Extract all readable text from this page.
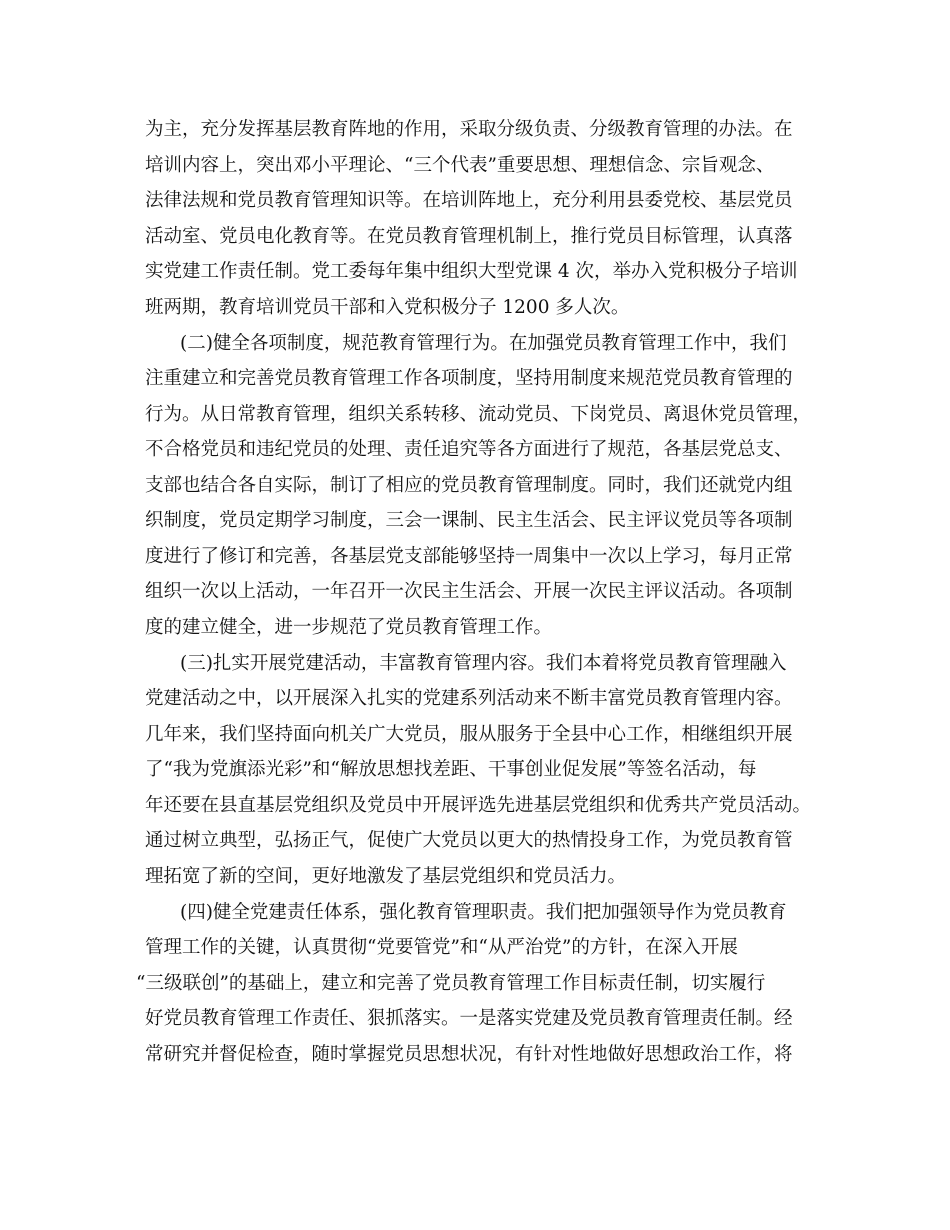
为主，充分发挥基层教育阵地的作用，采取分级负责、分级教育管理的办法。在
培训内容上，突出邓小平理论、“三个代表”重要思想、理想信念、宗旨观念、
法律法规和党员教育管理知识等。在培训阵地上，充分利用县委党校、基层党员
活动室、党员电化教育等。在党员教育管理机制上，推行党员目标管理，认真落
实党建工作责任制。党工委每年集中组织大型党课 4 次，举办入党积极分子培训
班两期，教育培训党员干部和入党积极分子 1200 多人次。
(二)健全各项制度，规范教育管理行为。在加强党员教育管理工作中，我们
注重建立和完善党员教育管理工作各项制度，坚持用制度来规范党员教育管理的
行为。从日常教育管理，组织关系转移、流动党员、下岗党员、离退休党员管理，
不合格党员和违纪党员的处理、责任追究等各方面进行了规范，各基层党总支、
支部也结合各自实际，制订了相应的党员教育管理制度。同时，我们还就党内组
织制度，党员定期学习制度，三会一课制、民主生活会、民主评议党员等各项制
度进行了修订和完善，各基层党支部能够坚持一周集中一次以上学习，每月正常
组织一次以上活动，一年召开一次民主生活会、开展一次民主评议活动。各项制
度的建立健全，进一步规范了党员教育管理工作。
(三)扎实开展党建活动，丰富教育管理内容。我们本着将党员教育管理融入
党建活动之中，以开展深入扎实的党建系列活动来不断丰富党员教育管理内容。
几年来，我们坚持面向机关广大党员，服从服务于全县中心工作，相继组织开展
了“我为党旗添光彩”和“解放思想找差距、干事创业促发展”等签名活动，每
年还要在县直基层党组织及党员中开展评选先进基层党组织和优秀共产党员活动。
通过树立典型，弘扬正气，促使广大党员以更大的热情投身工作，为党员教育管
理拓宽了新的空间，更好地激发了基层党组织和党员活力。
(四)健全党建责任体系，强化教育管理职责。我们把加强领导作为党员教育
管理工作的关键，认真贯彻“党要管党”和“从严治党”的方针，在深入开展
“三级联创”的基础上，建立和完善了党员教育管理工作目标责任制，切实履行
好党员教育管理工作责任、狠抓落实。一是落实党建及党员教育管理责任制。经
常研究并督促检查，随时掌握党员思想状况，有针对性地做好思想政治工作，将
